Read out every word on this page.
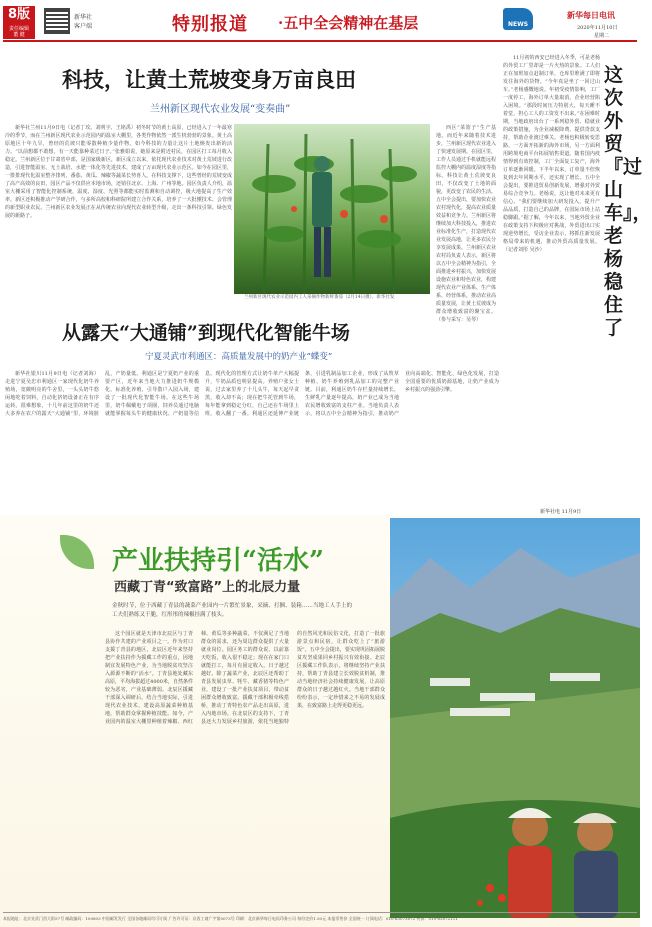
8版
责任编辑
董 健
新华社
客户端	特别报道 ·五中全会精神在基层	NEWS
新华每日电讯
2020年11月10日
星期二
科技，让黄土荒坡变身万亩良田
兰州新区现代农业发展“变奏曲”

新华社兰州11月9日电（记者丁玫、刘明宇、王铭禹）初冬时节的黄土高原，已经进入了一年最寒冷的季节，而在兰州新区现代农业示范园内的温室大棚里，各类作物依然一派生机勃勃的景象。黄土高原地区十年九旱，曾经的荒坡只能零散种植少量作物，如今科技的力量让这片土地焕发出新的活力。“以前想都不敢想，有一天能靠种菜过日子。”张雅娟说，她原来是附近村民，在园区打工每月收入稳定。兰州新区位于甘肃省中部，是国家级新区，新区成立以来，依托现代农业技术对黄土荒坡进行改造，引进智能温室、无土栽培、水肥一体化等先进技术，建成了万亩现代农业示范区。如今在园区里，一排排现代化温室整齐排列，番茄、黄瓜、辣椒等蔬菜长势喜人。在科技支撑下，这些曾经的荒坡变成了高产高效的良田，园区产品不仅供应本地市场，还销往北京、上海、广州等地。园区负责人介绍，温室大棚采用了智能化控制系统，温度、湿度、光照等都能实时监测和自动调控，极大地提高了生产效率。新区还积极推动产学研合作，与多所高校和科研院所建立合作关系，培养了一大批懂技术、会管理的新型职业农民。兰州新区农业发展正在从传统农业向现代农业转型升级，走出一条科技引领、绿色发展的新路子。

兰州新区现代农业示范园内工人采摘作物新鲜番茄（2月14日摄）。新华社发

西区“菜篮子”生产基地。而近年来随着技术进步，兰州新区现代农业进入了快速发展期。在园区里，工作人员通过手机就能远程监控大棚内的温度湿度等指标。科技让黄土荒坡变良田，不仅改变了土地的面貌，更改变了农民的生活。五中全会提出，要加快农业农村现代化，提高农业质量效益和竞争力。兰州新区将继续加大科技投入，推进农业标准化生产，打造现代农业发展高地，让更多农民分享发展成果。兰州新区农业农村局负责人表示，新区将以五中全会精神为指引，全面推进乡村振兴，加快发展设施农业和特色农业，构建现代农业产业体系、生产体系、经营体系，推动农业高质量发展，让黄土荒坡成为群众增收致富的聚宝盆。（参与采写：吴琴）

这次外贸『过山车』，老杨稳住了

11月初的西安已经进入冬季，可是老杨的外贸工厂里却是一片火热的景象。工人们正在加班加点赶制订单，仓库里堆满了即将发往海外的货物。“今年真是坐了一回过山车。”老杨感慨地说。年初受疫情影响，工厂一度停工，海外订单大量取消，企业经营陷入困境。“那段时间压力特别大，每天睡不着觉，担心工人的工资发不出来。”在困难时期，当地政府出台了一系列稳外贸、稳就业的政策措施，为企业减税降费、提供贷款支持，帮助企业渡过难关。老杨也积极转变思路，一方面开拓新的海外市场，另一方面利用跨境电商平台拓展销售渠道。随着国内疫情得到有效控制，工厂全面复工复产，海外订单逐渐回暖。下半年以来，订单量不但恢复到去年同期水平，还实现了增长。五中全会提出，要推进贸易创新发展，增强对外贸易综合竞争力。老杨说，这让他对未来更有信心。“我们要继续加大研发投入，提升产品品质，打造自己的品牌，在国际市场上站稳脚跟。”据了解，今年以来，当地外贸企业在政策支持下积极应对挑战，外贸进出口实现逆势增长。受访企业表示，将抓住新发展格局带来的机遇，推动外贸高质量发展。（记者刘彤 吴沙）

新华社电 11月9日
从露天“大通铺”到现代化智能牛场
宁夏灵武市利通区：高质量发展中的奶产业“蝶变”

新华社银川11月9日电（记者刘海）走进宁夏吴忠市利通区一家现代化奶牛养殖场，宽敞明亮的牛舍里，一头头奶牛悠闲地吃着饲料，自动化挤奶设备正在有序运转。很难想象，十几年前这里的奶牛还大多养在农户的露天“大通铺”里，环境脏乱，产奶量低。利通区是宁夏奶产业的重要产区，近年来当地大力推进奶牛规模化、标准化养殖，引导散户入园入场，建设了一批现代化智能牛场。在这些牛场里，奶牛佩戴电子项圈，饲养员通过电脑就能掌握每头牛的健康状况、产奶量等信息。现代化的管理方式让奶牛单产大幅提升，牛奶品质也明显提高。养殖户张女士说，过去家里养了十几头牛，每天起早贪黑，收入却不高；现在把牛托管到牛场，每年能拿到稳定分红，自己还在牛场里上班，收入翻了一番。利通区还延伸产业链条，引进乳制品加工企业，形成了从牧草种植、奶牛养殖到乳品加工的完整产业链。目前，利通区奶牛存栏量持续增长，生鲜乳产量逐年提高，奶产业已成为当地农民增收致富的支柱产业。当地负责人表示，将以五中全会精神为指引，推动奶产业向高端化、智能化、绿色化发展，打造全国重要的优质奶源基地，让奶产业成为乡村振兴的强劲引擎。

产业扶持引“活水”
西藏丁青“致富路”上的北辰力量
金秋时节，位于西藏丁青县的蔬菜产业园内一片繁忙景象，采摘、打捆、装箱……当地工人手上的工夫们熟练又干脆，红彤彤的辣椒挂满了枝头。

这个园区就是天津市北辰区与丁青县协作共建的产业项目之一。作为对口支援丁青县的地区，北辰区近年来坚持把产业扶持作为援藏工作的重点，因地制宜发展特色产业，为当地脱贫攻坚注入源源不断的“活水”。丁青县地处藏东高原，平均海拔超过4000米，自然条件较为恶劣，产业基础薄弱。北辰区援藏干部深入调研后，结合当地实际，引进现代农业技术，建设高原蔬菜种植基地，帮助群众掌握种植技能。如今，产业园内的温室大棚里种植着辣椒、西红柿、黄瓜等多种蔬菜，不仅满足了当地群众的需求，还为周边群众提供了大量就业岗位。园区务工的群众说，以前靠天吃饭，收入很不稳定；现在在家门口就能打工，每月有固定收入，日子越过越好。除了蔬菜产业，北辰区还帮助丁青县发展虫草、牦牛、藏香猪等特色产业，建设了一批产业扶贫项目，带动贫困群众增收致富。援藏干部积极牵线搭桥，推动丁青特色农产品走出高原，进入内地市场。在北辰区的支持下，丁青县还大力发展乡村旅游，依托当地独特的自然风光和民俗文化，打造了一批旅游景点和民宿，让群众吃上了“旅游饭”。五中全会提出，要实现巩固拓展脱贫攻坚成果同乡村振兴有效衔接。北辰区援藏工作队表示，将继续坚持产业扶持，帮助丁青县建立长效脱贫机制，推动当地经济社会持续健康发展，让高原群众的日子越过越红火。当地干部群众纷纷表示，一定珍惜来之不易的发展成果，在致富路上走得更稳更远。

本报地址：北京宣武门西大街57号 邮政编码：100803 中国邮发发行 全国各地邮局均可订阅 广告许可证：京西工商广字第0073号 印刷：北京新华每日电讯印务公司 每份定价1.50元 本报零售价 全国统一 订阅电话：010-63073072 传真：010-63072111
